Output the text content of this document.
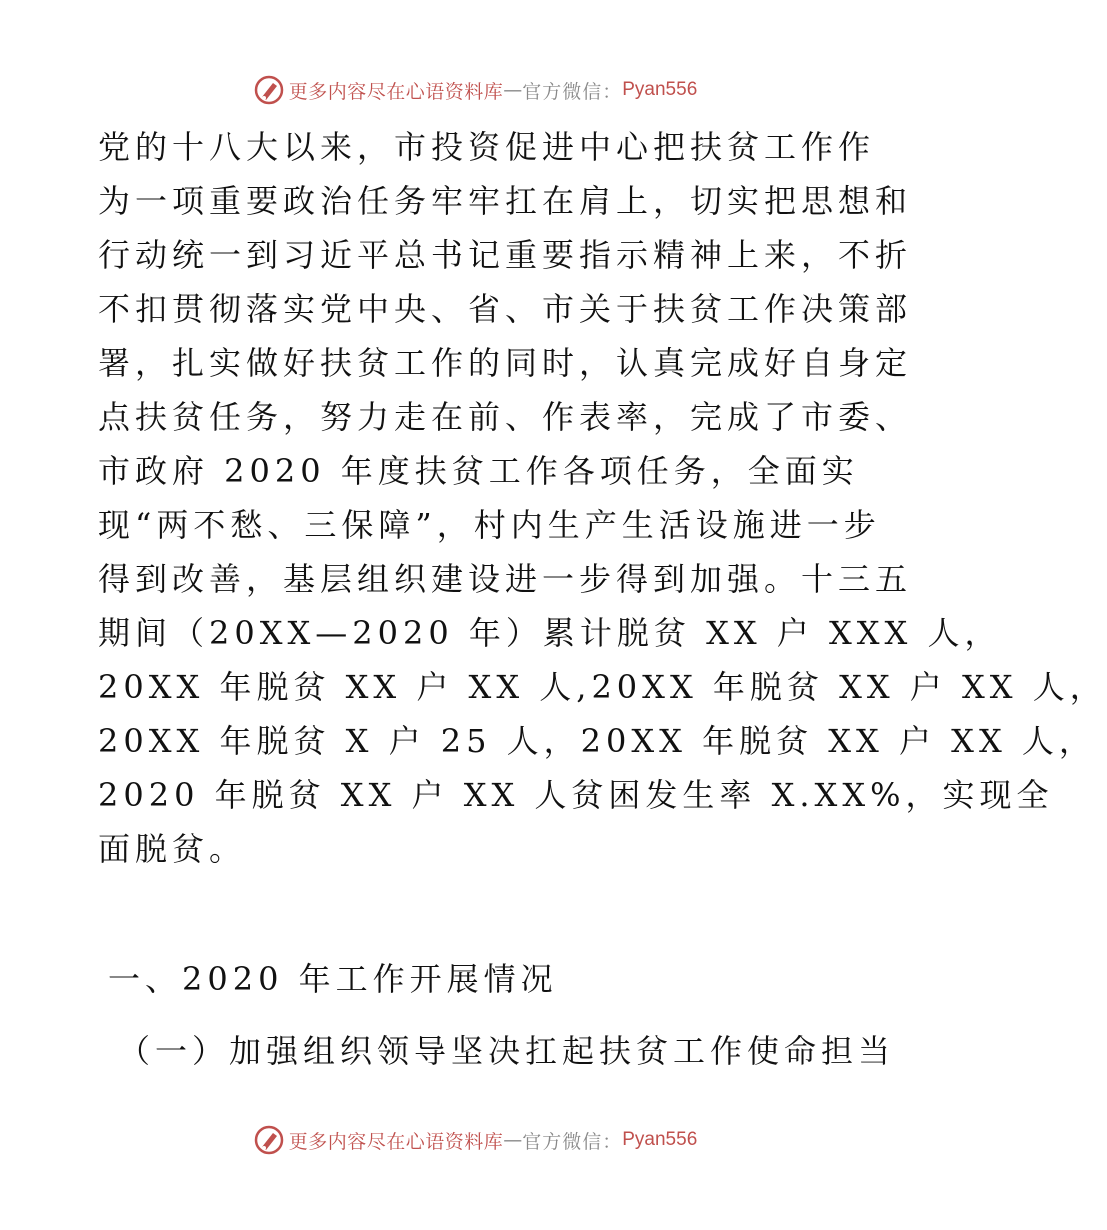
更多内容尽在心语资料库 — 官方微信： Pyan556
党的十八大以来，市投资促进中心把扶贫工作作
为一项重要政治任务牢牢扛在肩上，切实把思想和
行动统一到习近平总书记重要指示精神上来，不折
不扣贯彻落实党中央、省、市关于扶贫工作决策部
署，扎实做好扶贫工作的同时，认真完成好自身定
点扶贫任务，努力走在前、作表率，完成了市委、
市政府 2020 年度扶贫工作各项任务，全面实
现“两不愁、三保障”，村内生产生活设施进一步
得到改善，基层组织建设进一步得到加强。十三五
期间（20XX—2020 年）累计脱贫 XX 户 XXX 人，
20XX 年脱贫 XX 户 XX 人,20XX 年脱贫 XX 户 XX 人，
20XX 年脱贫 X 户 25 人，20XX 年脱贫 XX 户 XX 人，
2020 年脱贫 XX 户 XX 人贫困发生率 X.XX%，实现全
面脱贫。
一、2020 年工作开展情况
（一）加强组织领导坚决扛起扶贫工作使命担当
更多内容尽在心语资料库 — 官方微信： Pyan556
